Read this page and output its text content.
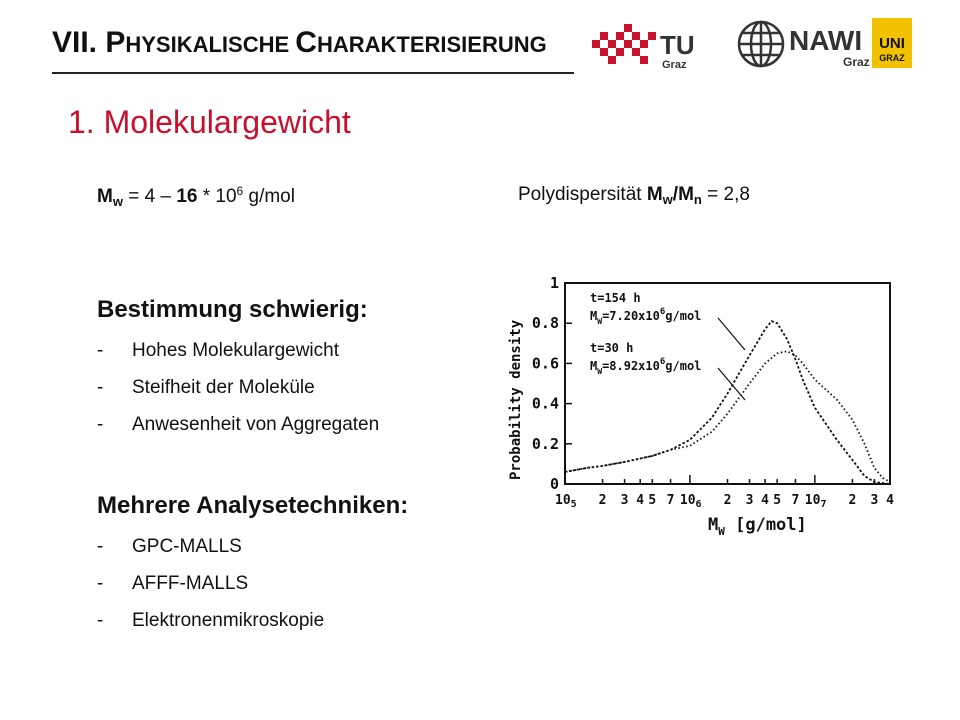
VII. PHYSIKALISCHE CHARAKTERISIERUNG	TU
Graz
NAWI
Graz
UNI
GRAZ
1. Molekulargewicht
$M_w = 4 - 16 * 10^6$ g/mol	Polydispersität $M_w/M_n = 2,8$
Bestimmung schwierig:
-	Hohes Molekulargewicht
-	Steifheit der Moleküle
-	Anwesenheit von Aggregaten
Mehrere Analysetechniken:
-	GPC-MALLS
-	AFFF-MALLS
-	Elektronenmikroskopie
0
0.2
0.4
0.6
0.8
1
$10_5$ 2 3 4 5 7 $10_6$ 2 3 4 5 7 $10_7$ 2 3 4
Probability density
$M_W$ [g/mol]
t=154 h
$M_W=7.20x10^6g$/mol
t=30 h
$M_W=8.92x10^6g$/mol
